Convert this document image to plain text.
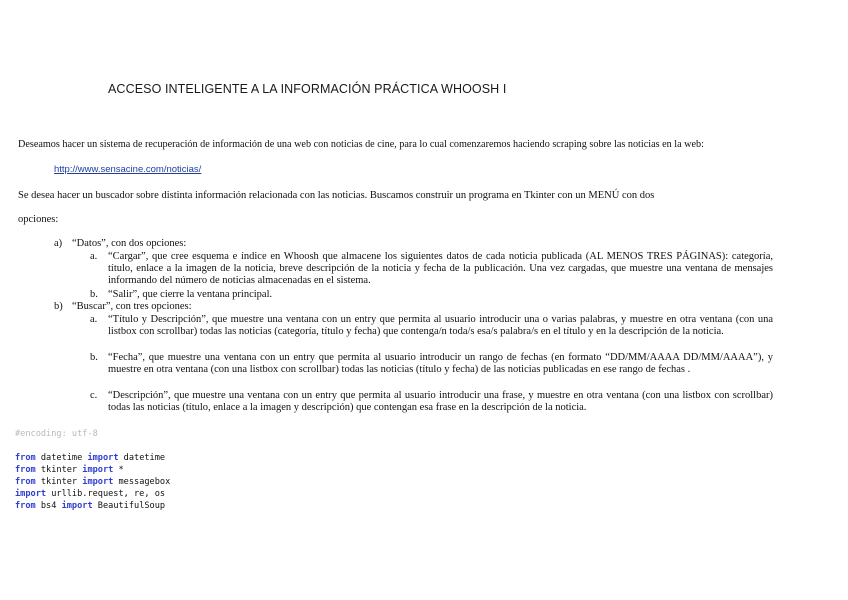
ACCESO INTELIGENTE A LA INFORMACIÓN PRÁCTICA WHOOSH I
Deseamos hacer un sistema de recuperación de información de una web con noticias de cine, para lo cual comenzaremos haciendo scraping sobre las noticias en la web:
http://www.sensacine.com/noticias/
Se desea hacer un buscador sobre distinta información relacionada con las noticias. Buscamos construir un programa en Tkinter con un MENÚ con dos
opciones:
a) “Datos”, con dos opciones:
a. “Cargar”, que cree esquema e índice en Whoosh que almacene los siguientes datos de cada noticia publicada (AL MENOS TRES PÁGINAS): categoría, título, enlace a la imagen de la noticia, breve descripción de la noticia y fecha de la publicación. Una vez cargadas, que muestre una ventana de mensajes informando del número de noticias almacenadas en el sistema.
b. “Salir”, que cierre la ventana principal.
b) “Buscar”, con tres opciones:
a. “Título y Descripción”, que muestre una ventana con un entry que permita al usuario introducir una o varias palabras, y muestre en otra ventana (con una listbox con scrollbar) todas las noticias (categoría, título y fecha) que contenga/n toda/s esa/s palabra/s en el título y en la descripción de la noticia.
b. “Fecha”, que muestre una ventana con un entry que permita al usuario introducir un rango de fechas (en formato “DD/MM/AAAA DD/MM/AAAA”), y muestre en otra ventana (con una listbox con scrollbar) todas las noticias (título y fecha) de las noticias publicadas en ese rango de fechas .
c. “Descripción”, que muestre una ventana con un entry que permita al usuario introducir una frase, y muestre en otra ventana (con una listbox con scrollbar) todas las noticias (título, enlace a la imagen y descripción) que contengan esa frase en la descripción de la noticia.
#encoding: utf-8
from datetime import datetime
from tkinter import *
from tkinter import messagebox
import urllib.request, re, os
from bs4 import BeautifulSoup
